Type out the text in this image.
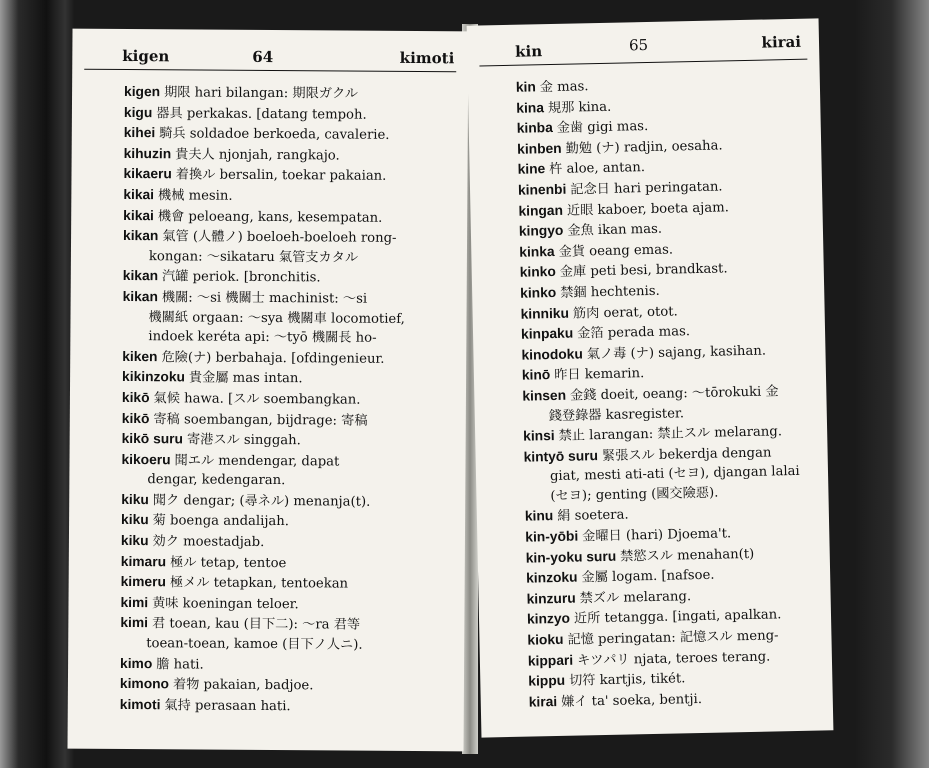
kigen	64	kimoti
kigen 期限 hari bilangan: 期限ガクル
kigu 器具 perkakas. [datang tempoh.
kihei 騎兵 soldadoe berkoeda, cavalerie.
kihuzin 貴夫人 njonjah, rangkajo.
kikaeru 着換ル bersalin, toekar pakaian.
kikai 機械 mesin.
kikai 機會 peloeang, kans, kesempatan.
kikan 氣管 (人體ノ) boeloeh-boeloeh rong-
kongan: ～sikataru 氣管支カタル
kikan 汽罐 periok. [bronchitis.
kikan 機關: ～si 機關士 machinist: ～si
機關紙 orgaan: ～sya 機關車 locomotief,
indoek keréta api: ～tyō 機關長 ho-
kiken 危險(ナ) berbahaja. [ofdingenieur.
kikinzoku 貴金屬 mas intan.
kikō 氣候 hawa. [スル soembangkan.
kikō 寄稿 soembangan, bijdrage: 寄稿
kikō suru 寄港スル singgah.
kikoeru 聞エル mendengar, dapat
dengar, kedengaran.
kiku 聞ク dengar; (尋ネル) menanja(t).
kiku 菊 boenga andalijah.
kiku 効ク moestadjab.
kimaru 極ル tetap, tentoe
kimeru 極メル tetapkan, tentoekan
kimi 黄味 koeningan teloer.
kimi 君 toean, kau (目下二): ～ra 君等
toean-toean, kamoe (目下ノ人ニ).
kimo 膽 hati.
kimono 着物 pakaian, badjoe.
kimoti 氣持 perasaan hati.
kin	65	kirai
kin 金 mas.
kina 規那 kina.
kinba 金歯 gigi mas.
kinben 勤勉 (ナ) radjin, oesaha.
kine 杵 aloe, antan.
kinenbi 記念日 hari peringatan.
kingan 近眼 kaboer, boeta ajam.
kingyo 金魚 ikan mas.
kinka 金貨 oeang emas.
kinko 金庫 peti besi, brandkast.
kinko 禁錮 hechtenis.
kinniku 筋肉 oerat, otot.
kinpaku 金箔 perada mas.
kinodoku 氣ノ毒 (ナ) sajang, kasihan.
kinō 昨日 kemarin.
kinsen 金錢 doeit, oeang: ～tōrokuki 金
錢登錄器 kasregister.
kinsi 禁止 larangan: 禁止スル melarang.
kintyō suru 緊張スル bekerdja dengan
giat, mesti ati-ati (セヨ), djangan lalai
(セヨ); genting (國交險惡).
kinu 絹 soetera.
kin-yōbi 金曜日 (hari) Djoema't.
kin-yoku suru 禁慾スル menahan(t)
kinzoku 金屬 logam. [nafsoe.
kinzuru 禁ズル melarang.
kinzyo 近所 tetangga. [ingati, apalkan.
kioku 記憶 peringatan: 記憶スル meng-
kippari キツパリ njata, teroes terang.
kippu 切符 kartjis, tikét.
kirai 嫌イ ta' soeka, bentji.
